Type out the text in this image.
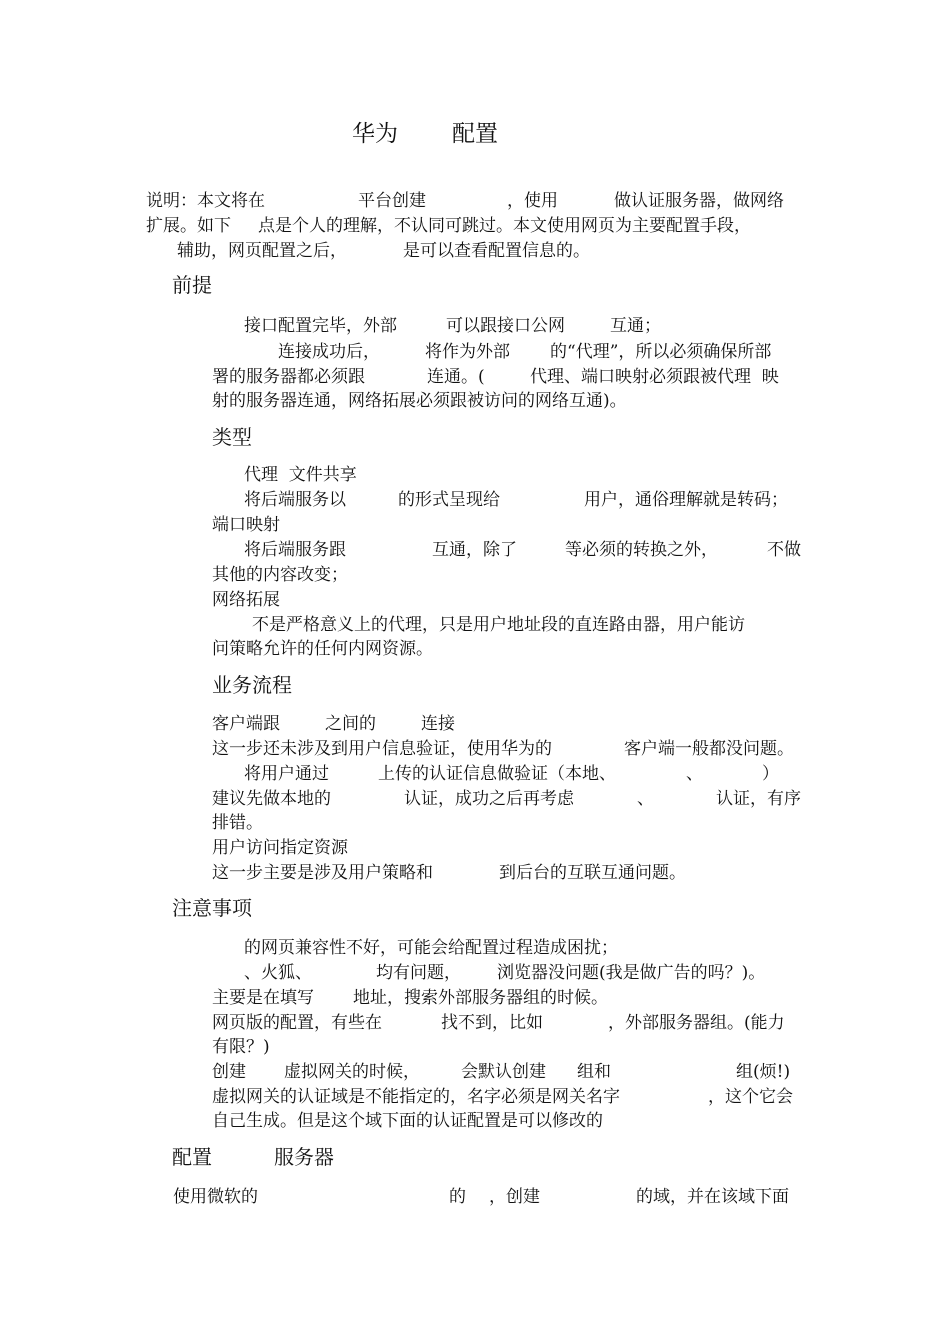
华为 配置
说明：本文将在	平台创建	，使用	做认证服务器，做网络
扩展。如下     点是个人的理解，不认同可跳过。本文使用网页为主要配置手段，
辅助，网页配置之后，	是可以查看配置信息的。
前提
接口配置完毕，外部	可以跟接口公网	互通；
连接成功后，	将作为外部 的“代理”，所以必须确保所部
署的服务器都必须跟	连通。(	代理、端口映射必须跟被代理  映
射的服务器连通，网络拓展必须跟被访问的网络互通)。
类型
代理  文件共享
将后端服务以	的形式呈现给	用户，通俗理解就是转码；
端口映射
将后端服务跟	互通，除了	等必须的转换之外，	不做
其他的内容改变；
网络拓展
不是严格意义上的代理，只是用户地址段的直连路由器，用户能访
问策略允许的任何内网资源。
业务流程
客户端跟	之间的	连接
这一步还未涉及到用户信息验证，使用华为的	客户端一般都没问题。
将用户通过	上传的认证信息做验证（本地、	、	）
建议先做本地的	认证，成功之后再考虑	、	认证，有序
排错。
用户访问指定资源
这一步主要是涉及用户策略和	到后台的互联互通问题。
注意事项
的网页兼容性不好，可能会给配置过程造成困扰；
、火狐、	均有问题， 浏览器没问题(我是做广告的吗？)。
主要是在填写 地址，搜索外部服务器组的时候。
网页版的配置，有些在	找不到，比如	，外部服务器组。(能力
有限？)
创建 虚拟网关的时候， 会默认创建 组和	组(烦!)
虚拟网关的认证域是不能指定的，名字必须是网关名字	，这个它会
自己生成。但是这个域下面的认证配置是可以修改的
配置	服务器
使用微软的	的 ，创建	的域，并在该域下面
